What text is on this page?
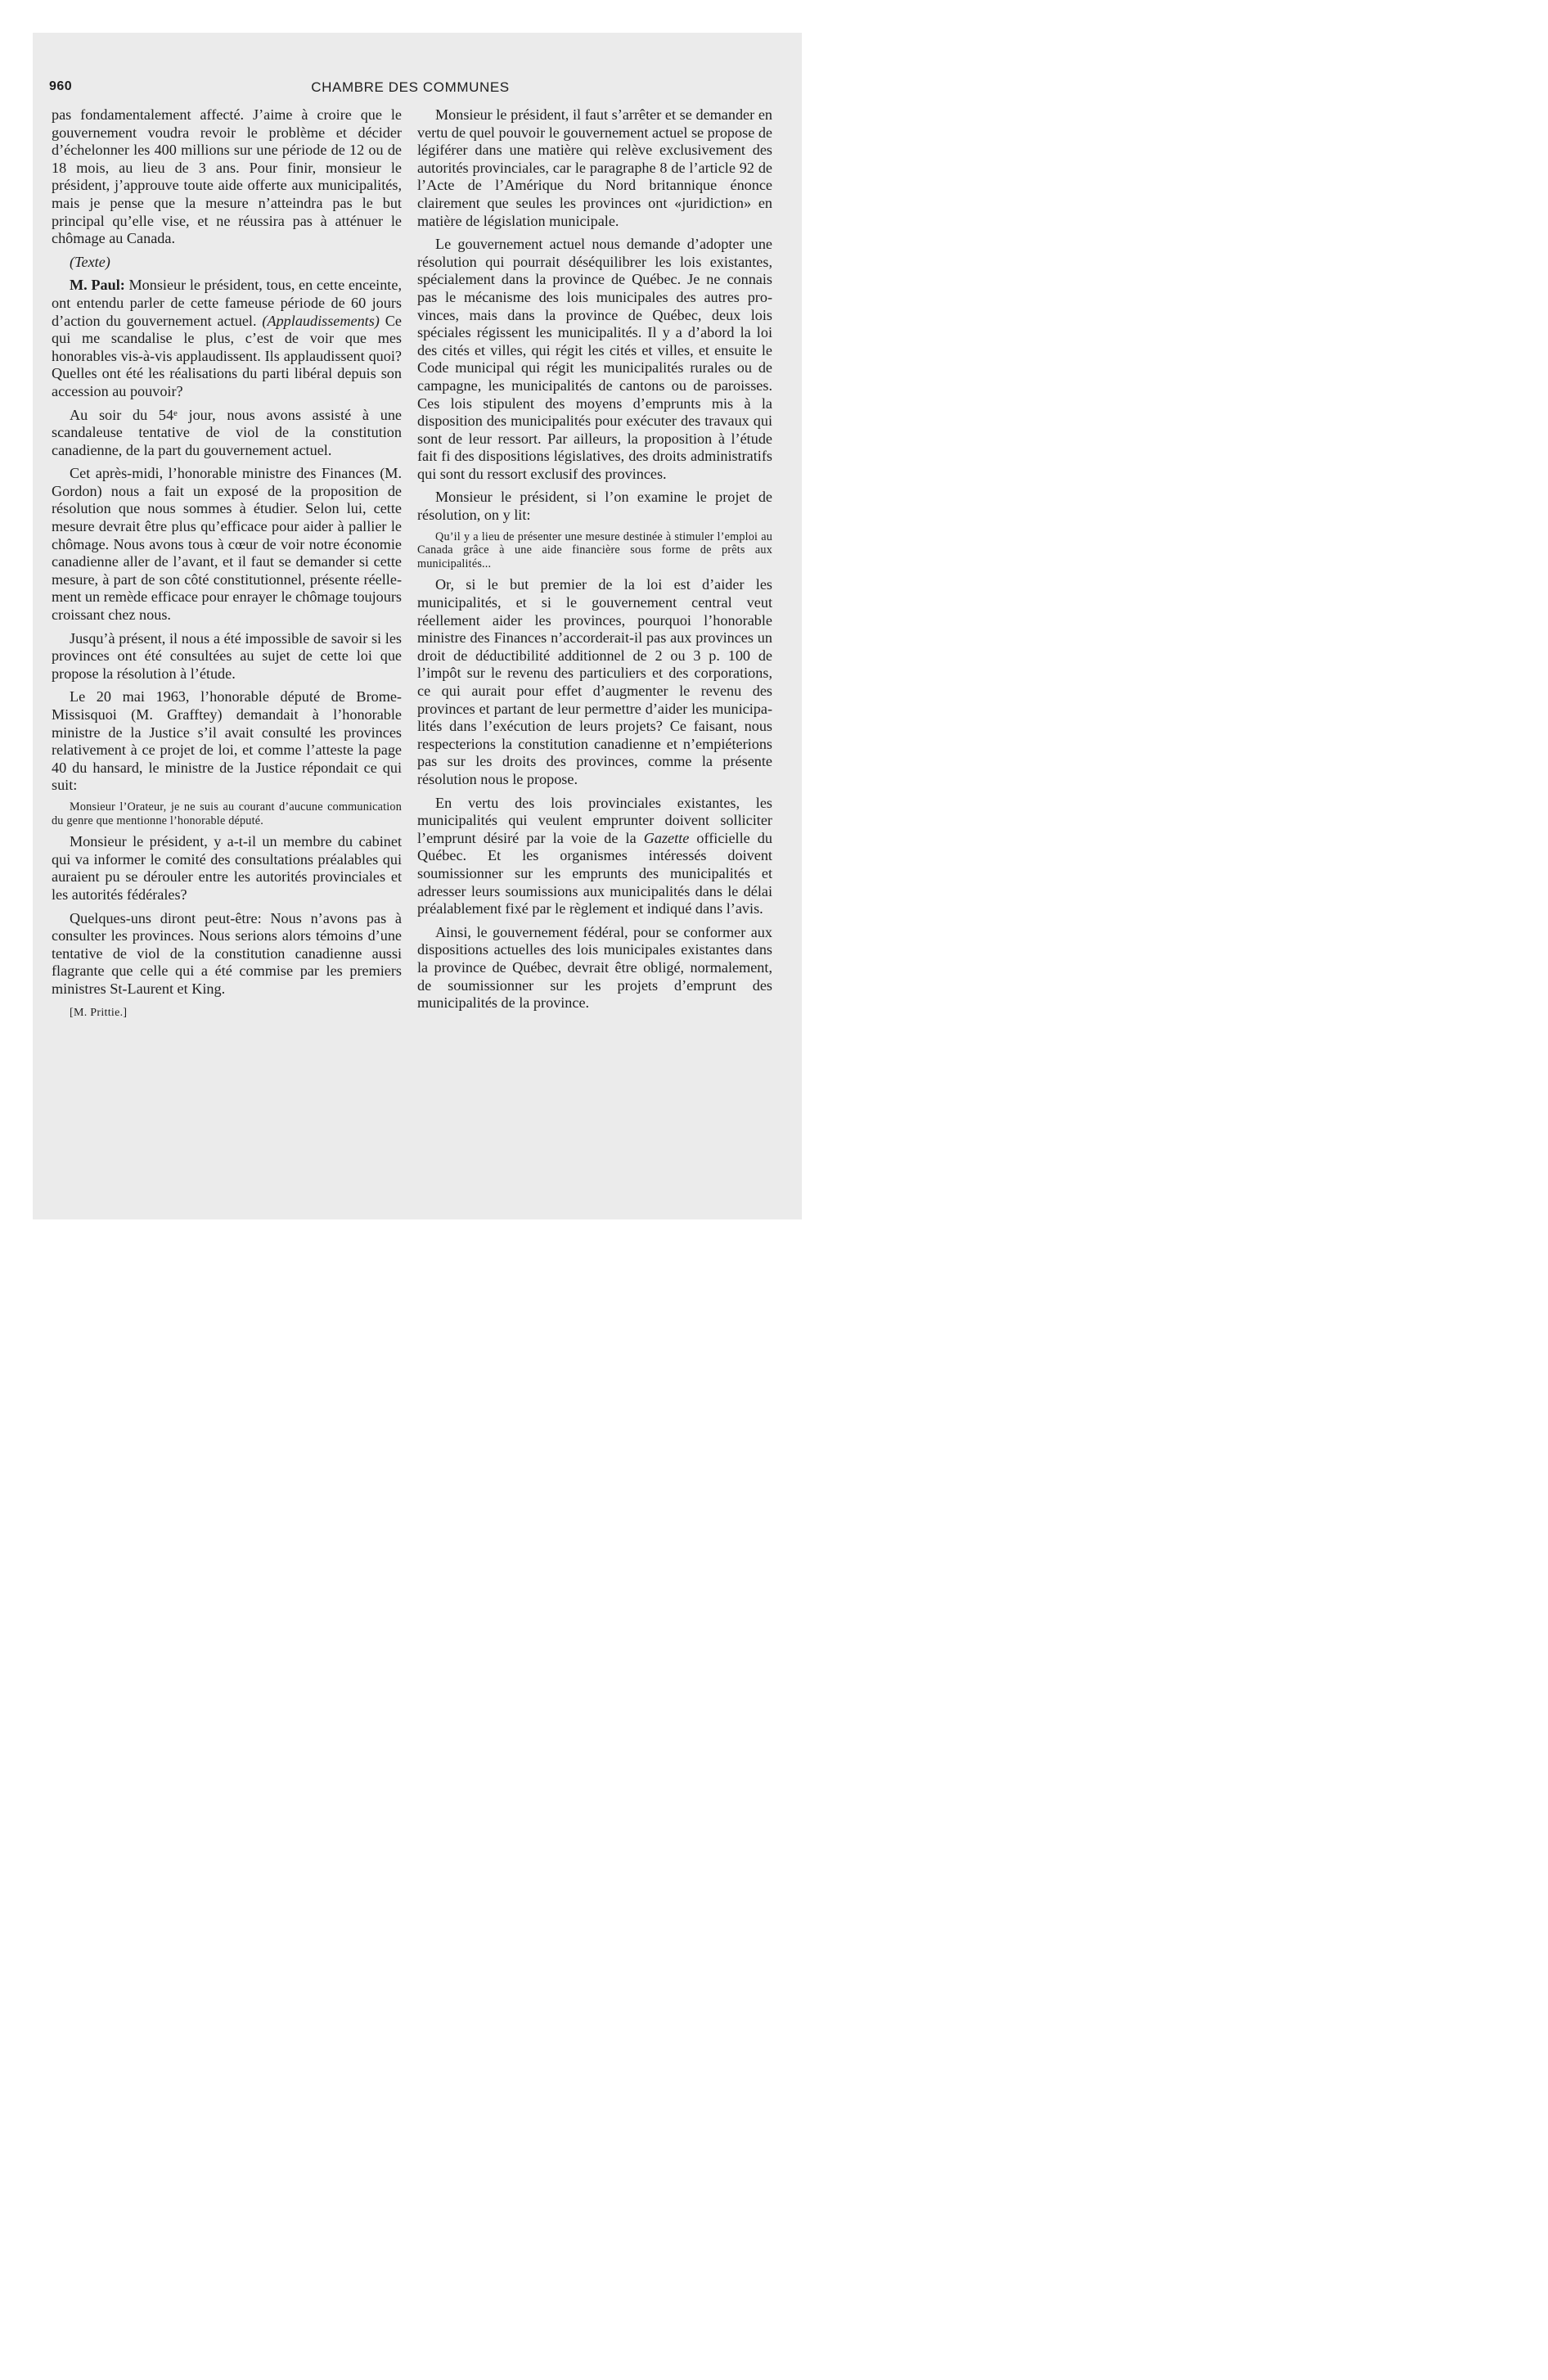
960	CHAMBRE DES COMMUNES

pas fondamentalement affecté. J’aime à croire que le gouvernement voudra revoir le problème et décider d’échelonner les 400 millions sur une période de 12 ou de 18 mois, au lieu de 3 ans. Pour finir, monsieur le président, j’approuve toute aide offerte aux municipalités, mais je pense que la mesure n’atteindra pas le but principal qu’elle vise, et ne réussira pas à atténuer le chômage au Canada.

(Texte)

M. Paul: Monsieur le président, tous, en cette enceinte, ont entendu parler de cette fameuse période de 60 jours d’action du gouvernement actuel. (Applaudissements) Ce qui me scandalise le plus, c’est de voir que mes honorables vis-à-vis applaudissent. Ils applaudissent quoi? Quelles ont été les réalisations du parti libéral depuis son accession au pouvoir?

Au soir du 54ᵉ jour, nous avons assisté à une scandaleuse tentative de viol de la constitution canadienne, de la part du gouvernement actuel.

Cet après-midi, l’honorable ministre des Finances (M. Gordon) nous a fait un exposé de la proposition de résolution que nous sommes à étudier. Selon lui, cette mesure devrait être plus qu’efficace pour aider à pallier le chômage. Nous avons tous à cœur de voir notre économie canadienne aller de l’avant, et il faut se demander si cette mesure, à part de son côté constitutionnel, présente réellement un remède efficace pour enrayer le chômage toujours croissant chez nous.

Jusqu’à présent, il nous a été impossible de savoir si les provinces ont été consultées au sujet de cette loi que propose la résolution à l’étude.

Le 20 mai 1963, l’honorable député de Brome-Missisquoi (M. Grafftey) demandait à l’honorable ministre de la Justice s’il avait consulté les provinces relativement à ce projet de loi, et comme l’atteste la page 40 du hansard, le ministre de la Justice répondait ce qui suit:

Monsieur l’Orateur, je ne suis au courant d’aucune communication du genre que mentionne l’honorable député.

Monsieur le président, y a-t-il un membre du cabinet qui va informer le comité des consultations préalables qui auraient pu se dérouler entre les autorités provinciales et les autorités fédérales?

Quelques-uns diront peut-être: Nous n’avons pas à consulter les provinces. Nous serions alors témoins d’une tentative de viol de la constitution canadienne aussi flagrante que celle qui a été commise par les premiers ministres St-Laurent et King.

[M. Prittie.]

Monsieur le président, il faut s’arrêter et se demander en vertu de quel pouvoir le gouvernement actuel se propose de légiférer dans une matière qui relève exclusivement des autorités provinciales, car le paragraphe 8 de l’article 92 de l’Acte de l’Amérique du Nord britannique énonce clairement que seules les provinces ont «juridiction» en matière de législation municipale.

Le gouvernement actuel nous demande d’adopter une résolution qui pourrait déséquilibrer les lois existantes, spécialement dans la province de Québec. Je ne connais pas le mécanisme des lois municipales des autres provinces, mais dans la province de Québec, deux lois spéciales régissent les municipalités. Il y a d’abord la loi des cités et villes, qui régit les cités et villes, et ensuite le Code municipal qui régit les municipalités rurales ou de campagne, les municipalités de cantons ou de paroisses. Ces lois stipulent des moyens d’emprunts mis à la disposition des municipalités pour exécuter des travaux qui sont de leur ressort. Par ailleurs, la proposition à l’étude fait fi des dispositions législatives, des droits administratifs qui sont du ressort exclusif des provinces.

Monsieur le président, si l’on examine le projet de résolution, on y lit:

Qu’il y a lieu de présenter une mesure destinée à stimuler l’emploi au Canada grâce à une aide financière sous forme de prêts aux municipalités...

Or, si le but premier de la loi est d’aider les municipalités, et si le gouvernement central veut réellement aider les provinces, pourquoi l’honorable ministre des Finances n’accorderait-il pas aux provinces un droit de déductibilité additionnel de 2 ou 3 p. 100 de l’impôt sur le revenu des particuliers et des corporations, ce qui aurait pour effet d’augmenter le revenu des provinces et partant de leur permettre d’aider les municipalités dans l’exécution de leurs projets? Ce faisant, nous respecterions la constitution canadienne et n’empiéterions pas sur les droits des provinces, comme la présente résolution nous le propose.

En vertu des lois provinciales existantes, les municipalités qui veulent emprunter doivent solliciter l’emprunt désiré par la voie de la Gazette officielle du Québec. Et les organismes intéressés doivent soumissionner sur les emprunts des municipalités et adresser leurs soumissions aux municipalités dans le délai préalablement fixé par le règlement et indiqué dans l’avis.

Ainsi, le gouvernement fédéral, pour se conformer aux dispositions actuelles des lois municipales existantes dans la province de Québec, devrait être obligé, normalement, de soumissionner sur les projets d’emprunt des municipalités de la province.
